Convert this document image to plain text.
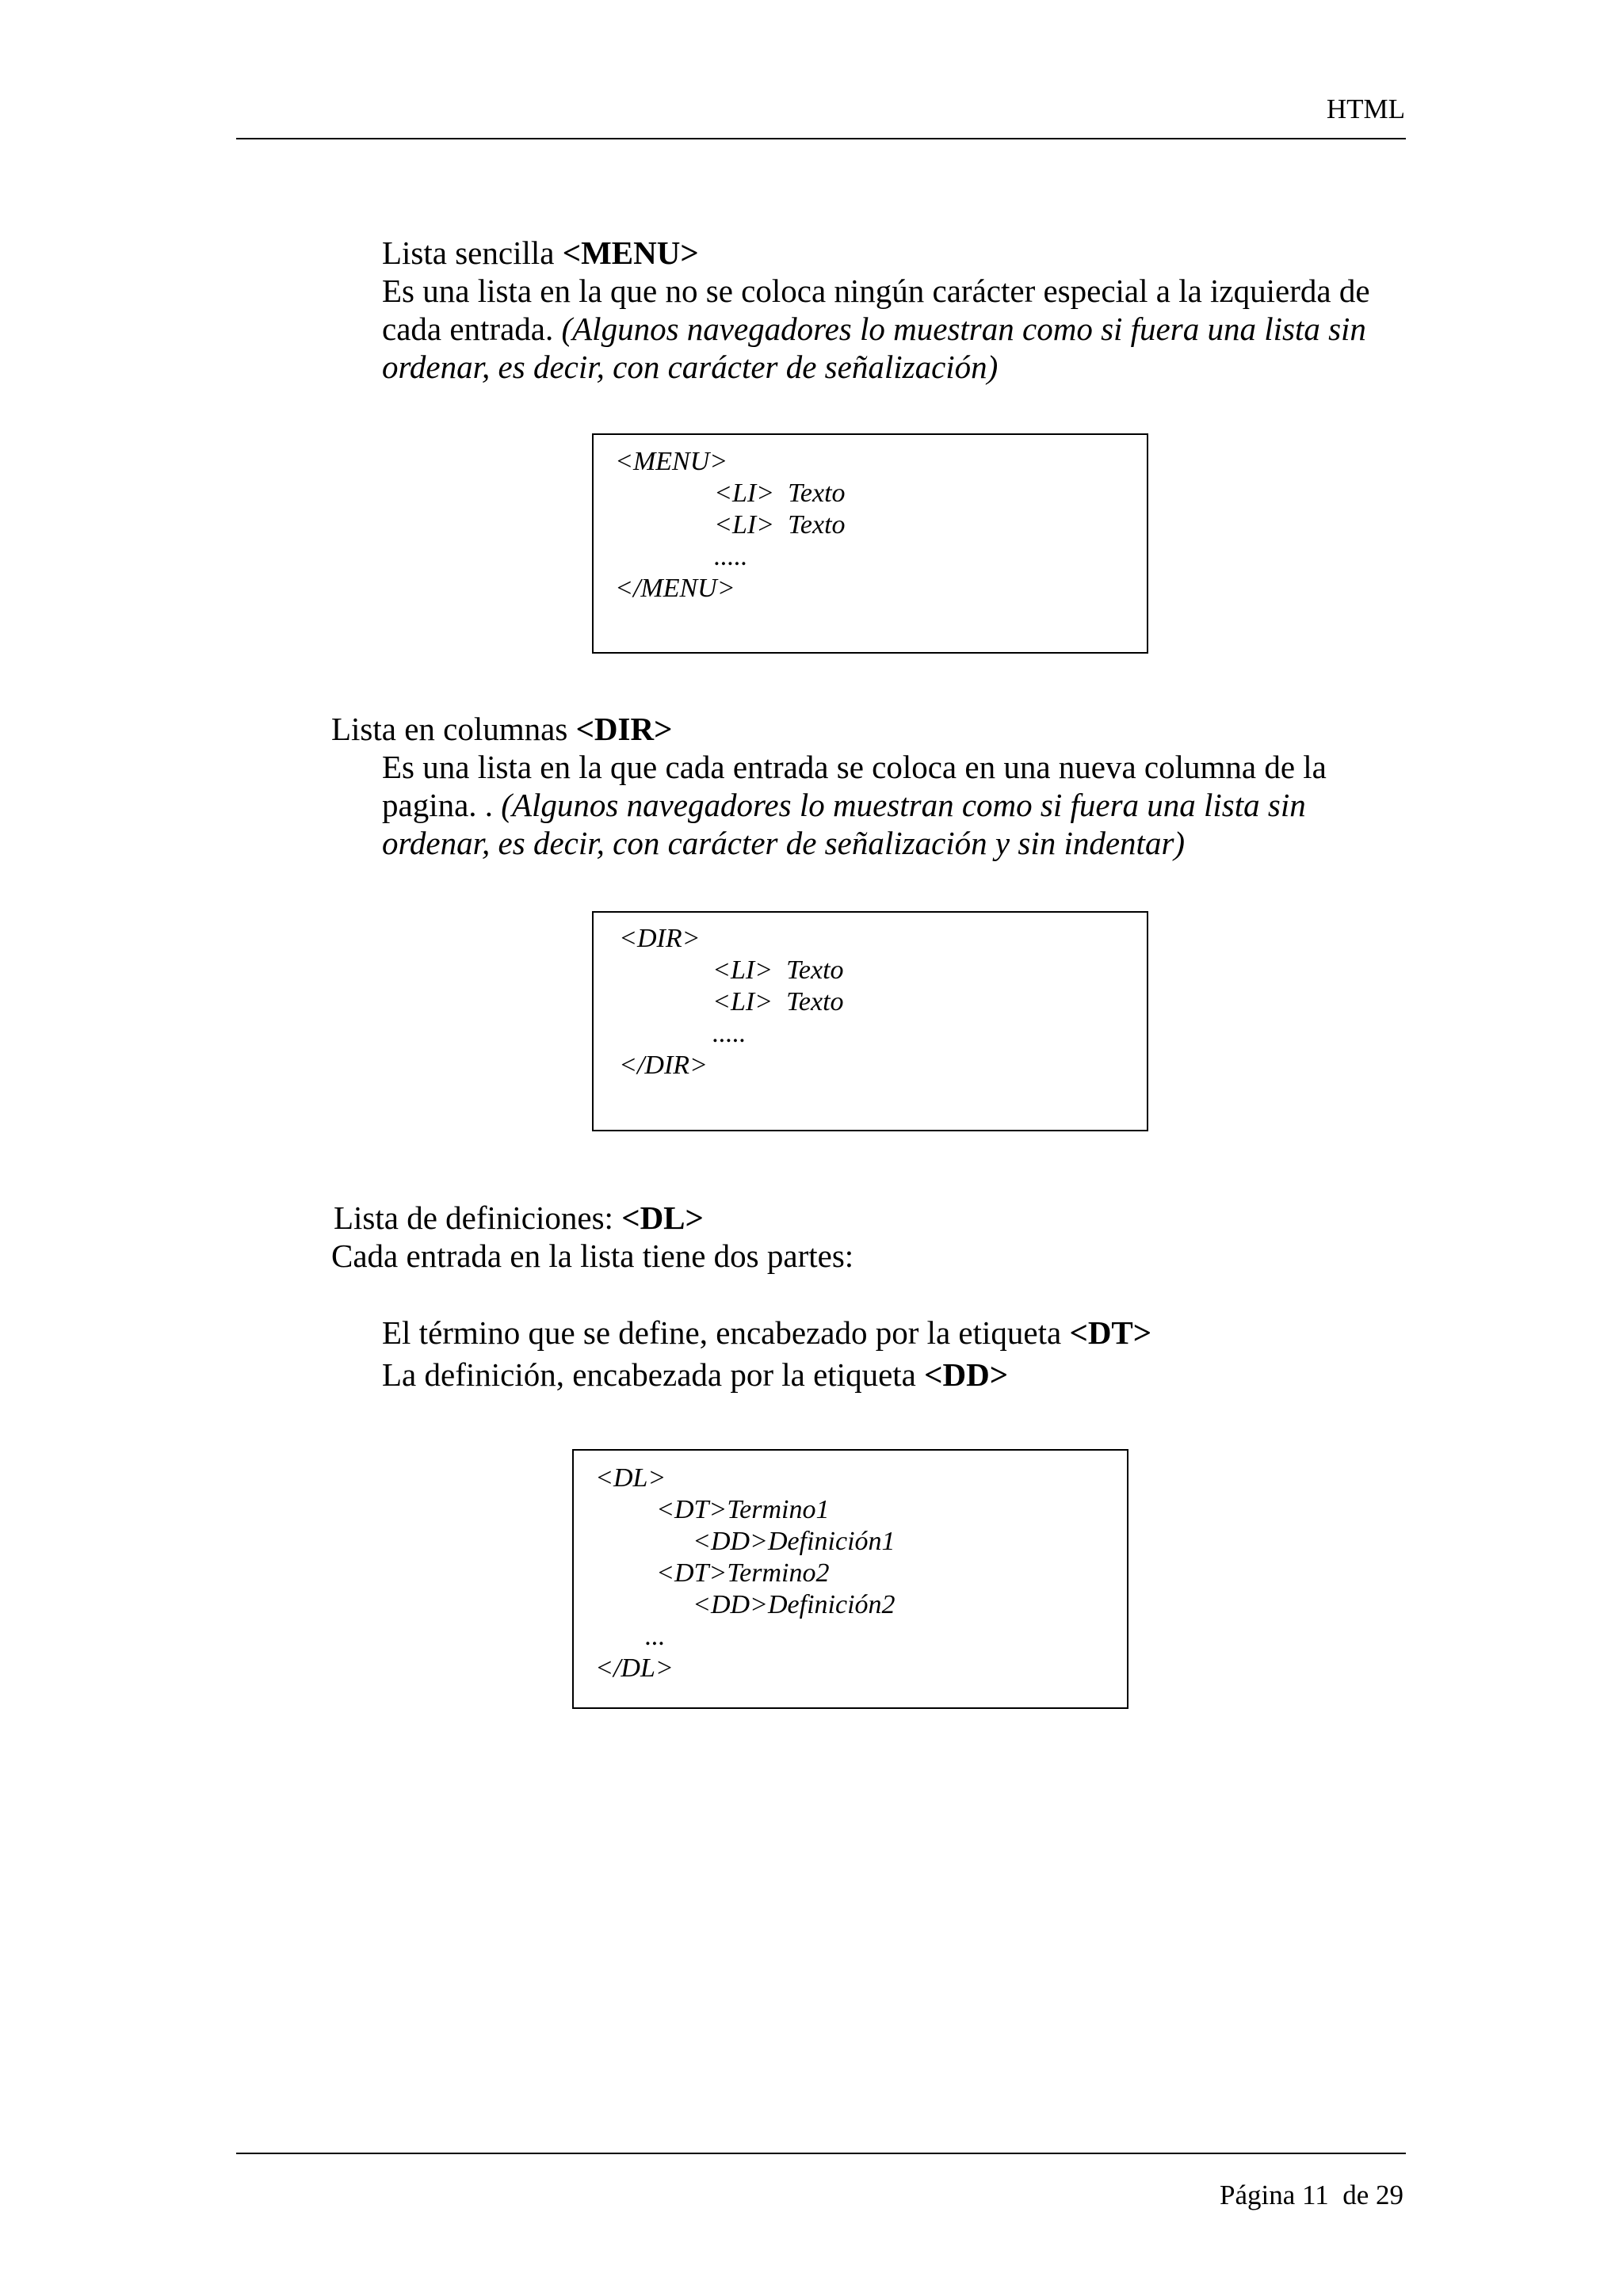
HTML
Lista sencilla <MENU>
Es una lista en la que no se coloca ningún carácter especial a la izquierda de
cada entrada. (Algunos navegadores lo muestran como si fuera una lista sin
ordenar, es decir, con carácter de señalización)
<MENU>
<LI>  Texto
<LI>  Texto
.....
</MENU>
Lista en columnas <DIR>
Es una lista en la que cada entrada se coloca en una nueva columna de la
pagina. . (Algunos navegadores lo muestran como si fuera una lista sin
ordenar, es decir, con carácter de señalización y sin indentar)
<DIR>
<LI>  Texto
<LI>  Texto
.....
</DIR>
Lista de definiciones: <DL>
Cada entrada en la lista tiene dos partes:
El término que se define, encabezado por la etiqueta <DT>
La definición, encabezada por la etiqueta <DD>
<DL>
<DT>Termino1
<DD>Definición1
<DT>Termino2
<DD>Definición2
...
</DL>
Página 11 de 29
